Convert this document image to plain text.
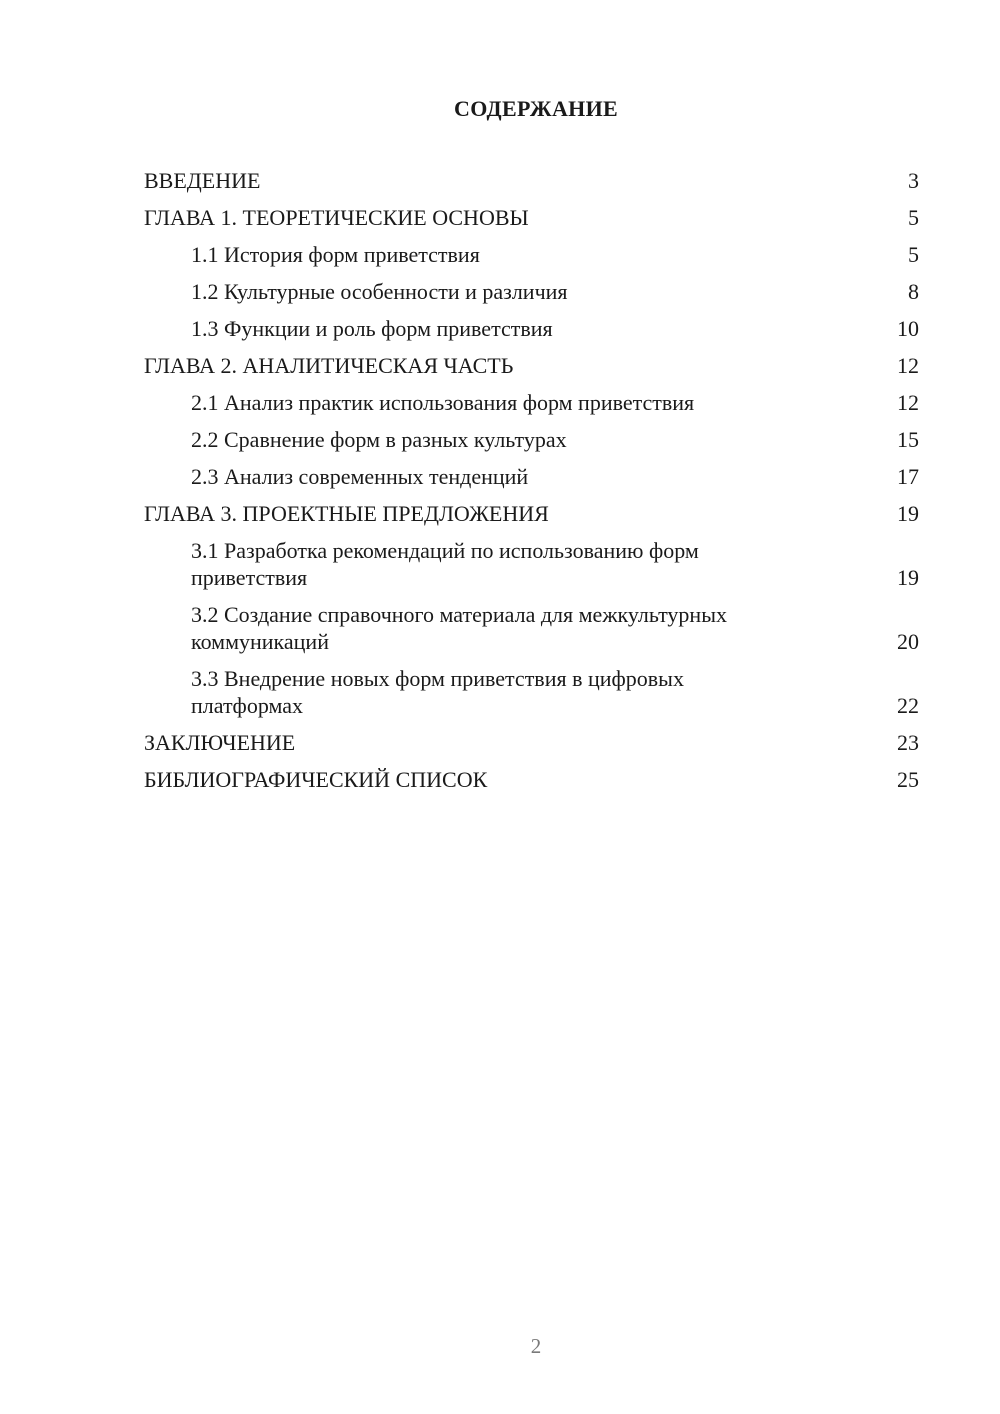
СОДЕРЖАНИЕ
ВВЕДЕНИЕ	3
ГЛАВА 1. ТЕОРЕТИЧЕСКИЕ ОСНОВЫ	5
1.1 История форм приветствия	5
1.2 Культурные особенности и различия	8
1.3 Функции и роль форм приветствия	10
ГЛАВА 2. АНАЛИТИЧЕСКАЯ ЧАСТЬ	12
2.1 Анализ практик использования форм приветствия	12
2.2 Сравнение форм в разных культурах	15
2.3 Анализ современных тенденций	17
ГЛАВА 3. ПРОЕКТНЫЕ ПРЕДЛОЖЕНИЯ	19
3.1 Разработка рекомендаций по использованию форм приветствия	19
3.2 Создание справочного материала для межкультурных коммуникаций	20
3.3 Внедрение новых форм приветствия в цифровых платформах	22
ЗАКЛЮЧЕНИЕ	23
БИБЛИОГРАФИЧЕСКИЙ СПИСОК	25
2
